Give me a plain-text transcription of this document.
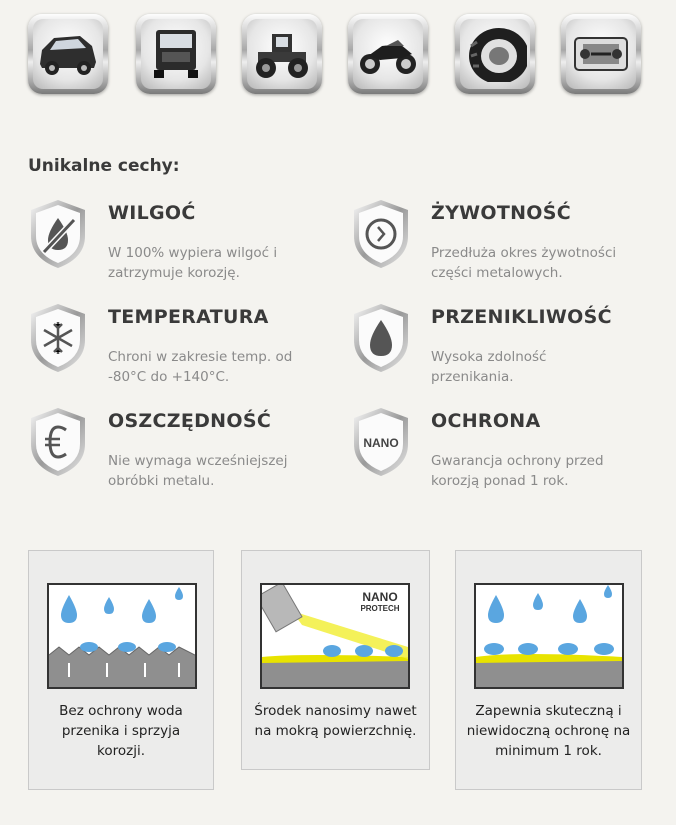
Unikalne cechy:
WILGOĆ
W 100% wypiera wilgoć i zatrzymuje korozję.
ŻYWOTNOŚĆ
Przedłuża okres żywotności części metalowych.
TEMPERATURA
Chroni w zakresie temp. od -80°C do +140°C.
PRZENIKLIWOŚĆ
Wysoka zdolność przenikania.
OSZCZĘDNOŚĆ
Nie wymaga wcześniejszej obróbki metalu.
NANO
OCHRONA
Gwarancja ochrony przed korozją ponad 1 rok.
Bez ochrony woda przenika i sprzyja korozji.
NANO
PROTECH
Środek nanosimy nawet na mokrą powierzchnię.
Zapewnia skuteczną i niewidoczną ochronę na minimum 1 rok.
